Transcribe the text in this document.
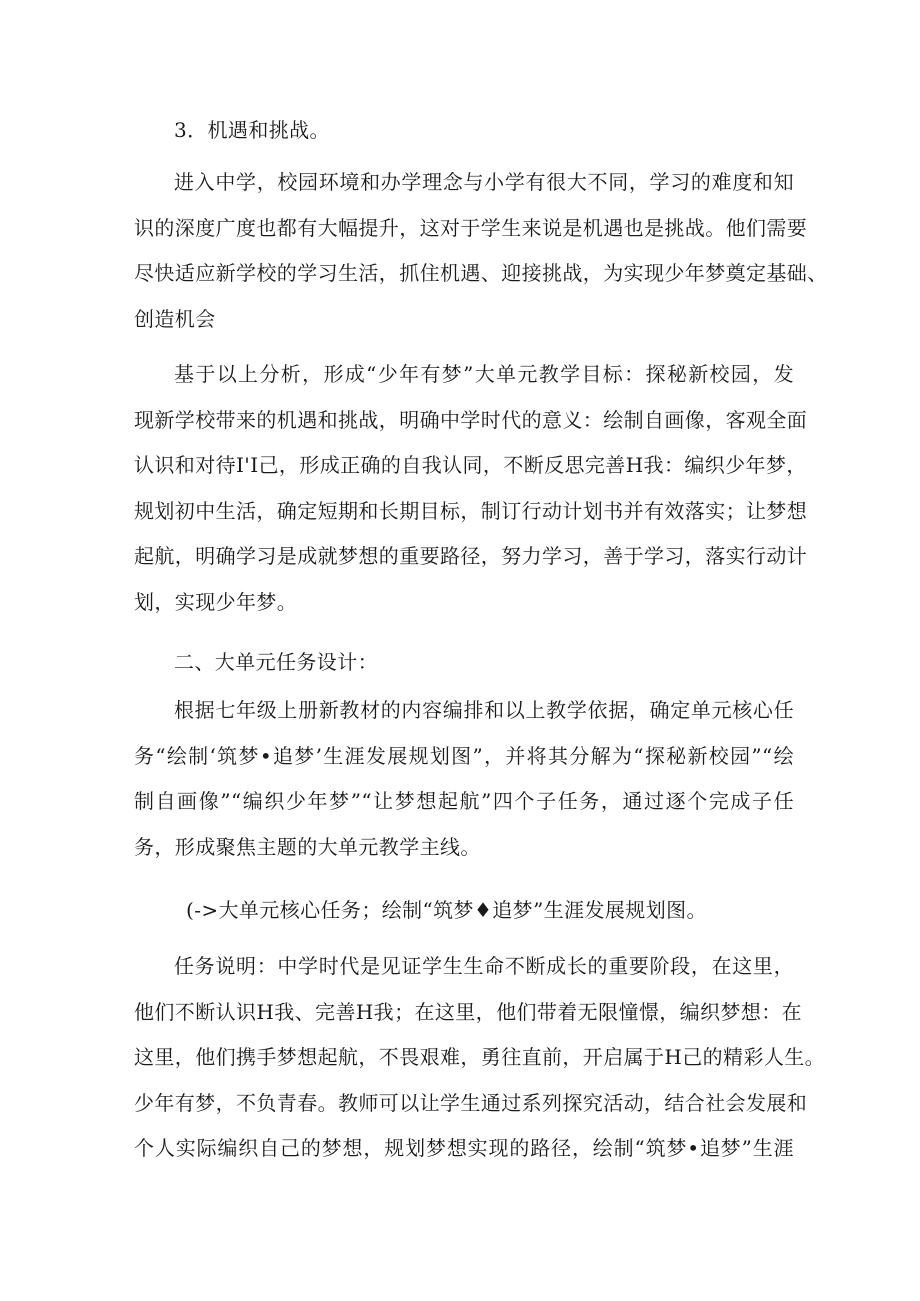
3．机遇和挑战。

进入中学，校园环境和办学理念与小学有很大不同，学习的难度和知
识的深度广度也都有大幅提升，这对于学生来说是机遇也是挑战。他们需要
尽快适应新学校的学习生活，抓住机遇、迎接挑战，为实现少年梦奠定基础、
创造机会

基于以上分析，形成“少年有梦”大单元教学目标：探秘新校园，发
现新学校带来的机遇和挑战，明确中学时代的意义：绘制自画像，客观全面
认识和对待I'I己，形成正确的自我认同，不断反思完善H我：编织少年梦，
规划初中生活，确定短期和长期目标，制订行动计划书并有效落实；让梦想
起航，明确学习是成就梦想的重要路径，努力学习，善于学习，落实行动计
划，实现少年梦。

二、大单元任务设计：

根据七年级上册新教材的内容编排和以上教学依据，确定单元核心任
务“绘制‘筑梦•追梦’生涯发展规划图”，并将其分解为“探秘新校园”“绘
制自画像”“编织少年梦”“让梦想起航”四个子任务，通过逐个完成子任
务，形成聚焦主题的大单元教学主线。

(->大单元核心任务；绘制“筑梦♦追梦”生涯发展规划图。

任务说明：中学时代是见证学生生命不断成长的重要阶段，在这里，
他们不断认识H我、完善H我；在这里，他们带着无限憧憬，编织梦想：在
这里，他们携手梦想起航，不畏艰难，勇往直前，开启属于H己的精彩人生。
少年有梦，不负青春。教师可以让学生通过系列探究活动，结合社会发展和
个人实际编织自己的梦想，规划梦想实现的路径，绘制“筑梦•追梦”生涯
